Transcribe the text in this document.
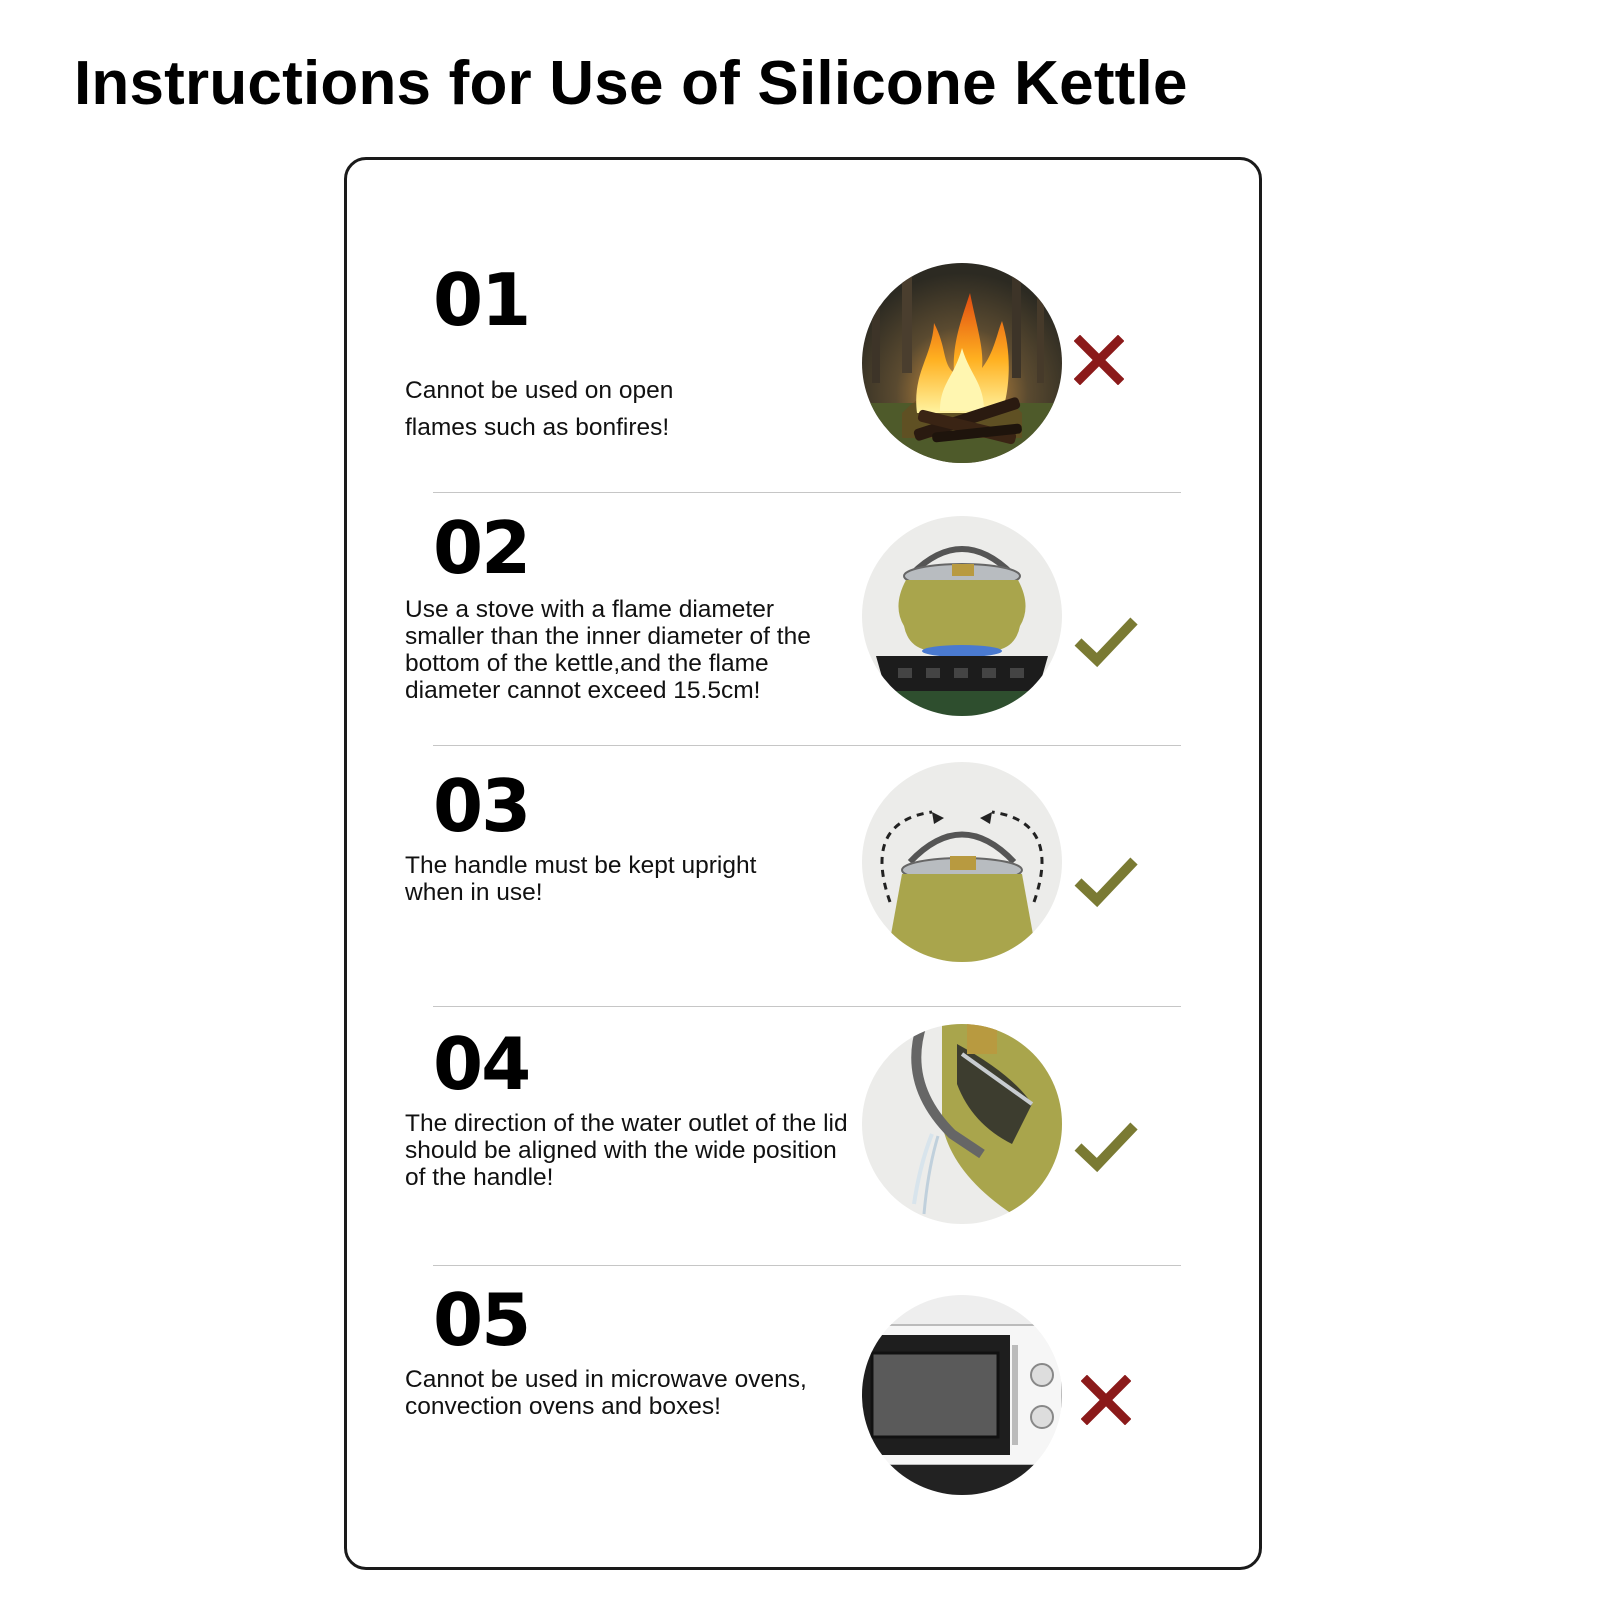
Instructions for Use of Silicone Kettle
01

Cannot be used on open flames such as bonfires!

02

Use a stove with a flame diameter smaller than the inner diameter of the bottom of the kettle,and the flame diameter cannot exceed 15.5cm!

03

The handle must be kept upright when in use!

04

The direction of the water outlet of the lid should be aligned with the wide position of the handle!

05

Cannot be used in microwave ovens, convection ovens and boxes!
